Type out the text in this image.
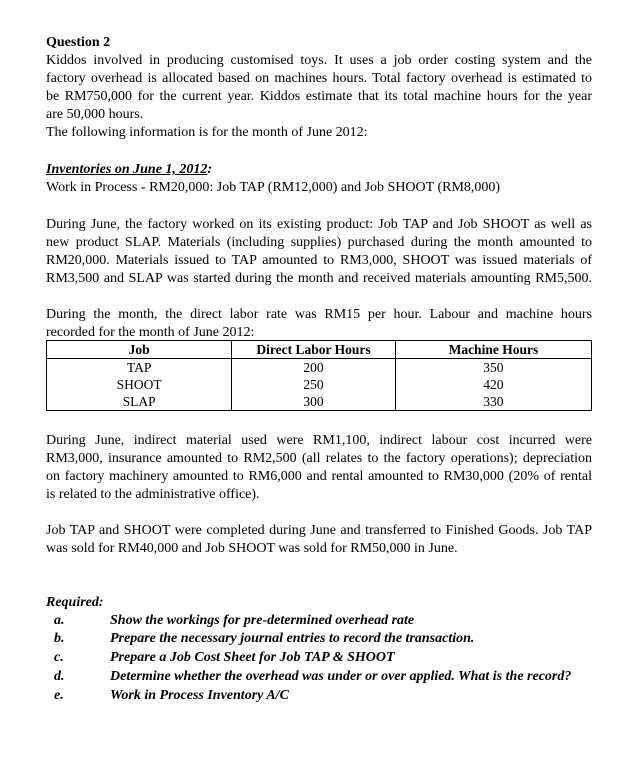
Question 2
Kiddos involved in producing customised toys. It uses a job order costing system and the
factory overhead is allocated based on machines hours. Total factory overhead is estimated to
be RM750,000 for the current year. Kiddos estimate that its total machine hours for the year
are 50,000 hours.
The following information is for the month of June 2012:
Inventories on June 1, 2012:
Work in Process - RM20,000: Job TAP (RM12,000) and Job SHOOT (RM8,000)
During June, the factory worked on its existing product: Job TAP and Job SHOOT as well as
new product SLAP. Materials (including supplies) purchased during the month amounted to
RM20,000. Materials issued to TAP amounted to RM3,000, SHOOT was issued materials of
RM3,500 and SLAP was started during the month and received materials amounting RM5,500.
During the month, the direct labor rate was RM15 per hour. Labour and machine hours
recorded for the month of June 2012:
Job	Direct Labor Hours	Machine Hours
TAP	200	350
SHOOT	250	420
SLAP	300	330
During June, indirect material used were RM1,100, indirect labour cost incurred were
RM3,000, insurance amounted to RM2,500 (all relates to the factory operations); depreciation
on factory machinery amounted to RM6,000 and rental amounted to RM30,000 (20% of rental
is related to the administrative office).
Job TAP and SHOOT were completed during June and transferred to Finished Goods. Job TAP
was sold for RM40,000 and Job SHOOT was sold for RM50,000 in June.
Required:
a.	Show the workings for pre-determined overhead rate
b.	Prepare the necessary journal entries to record the transaction.
c.	Prepare a Job Cost Sheet for Job TAP & SHOOT
d.	Determine whether the overhead was under or over applied. What is the record?
e.	Work in Process Inventory A/C
